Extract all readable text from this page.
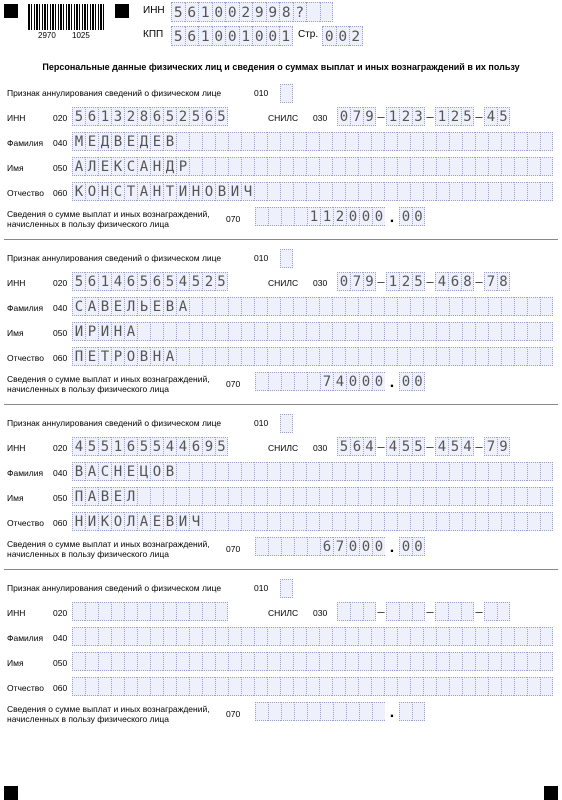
2970 1025
ИНН 5 6 1 0 0 2 9 9 8 ?
КПП 5 6 1 0 0 1 0 0 1 Стр. 0 0 2
Персональные данные физических лиц и сведения о суммах выплат и иных вознаграждений в их пользу
Признак аннулирования сведений о физическом лице	010
ИНН	020 5 6 1 3 2 8 6 5 2 5 6 5	СНИЛС 030 0 7 9 – 1 2 3 – 1 2 5 – 4 5
Фамилия 040 М Е Д В Е Д Е В
Имя	050 А Л Е К С А Н Д Р
Отчество 060 К О Н С Т А Н Т И Н О В И Ч
Сведения о сумме выплат и иных вознаграждений,
начисленных в пользу физического лица	070	1 1 2 0 0 0 . 0 0
Признак аннулирования сведений о физическом лице	010
ИНН	020 5 6 1 4 6 5 6 5 4 5 2 5	СНИЛС 030 0 7 9 – 1 2 5 – 4 6 8 – 7 8
Фамилия 040 С А В Е Л Ь Е В А
Имя	050 И Р И Н А
Отчество 060 П Е Т Р О В Н А
Сведения о сумме выплат и иных вознаграждений,
начисленных в пользу физического лица	070	7 4 0 0 0 . 0 0
Признак аннулирования сведений о физическом лице	010
ИНН	020 4 5 5 1 6 5 5 4 4 6 9 5	СНИЛС 030 5 6 4 – 4 5 5 – 4 5 4 – 7 9
Фамилия 040 В А С Н Е Ц О В
Имя	050 П А В Е Л
Отчество 060 Н И К О Л А Е В И Ч
Сведения о сумме выплат и иных вознаграждений,
начисленных в пользу физического лица	070	6 7 0 0 0 . 0 0
Признак аннулирования сведений о физическом лице	010
ИНН	020	СНИЛС 030	–	–	–
Фамилия 040
Имя	050
Отчество 060
Сведения о сумме выплат и иных вознаграждений,
начисленных в пользу физического лица	070	.
